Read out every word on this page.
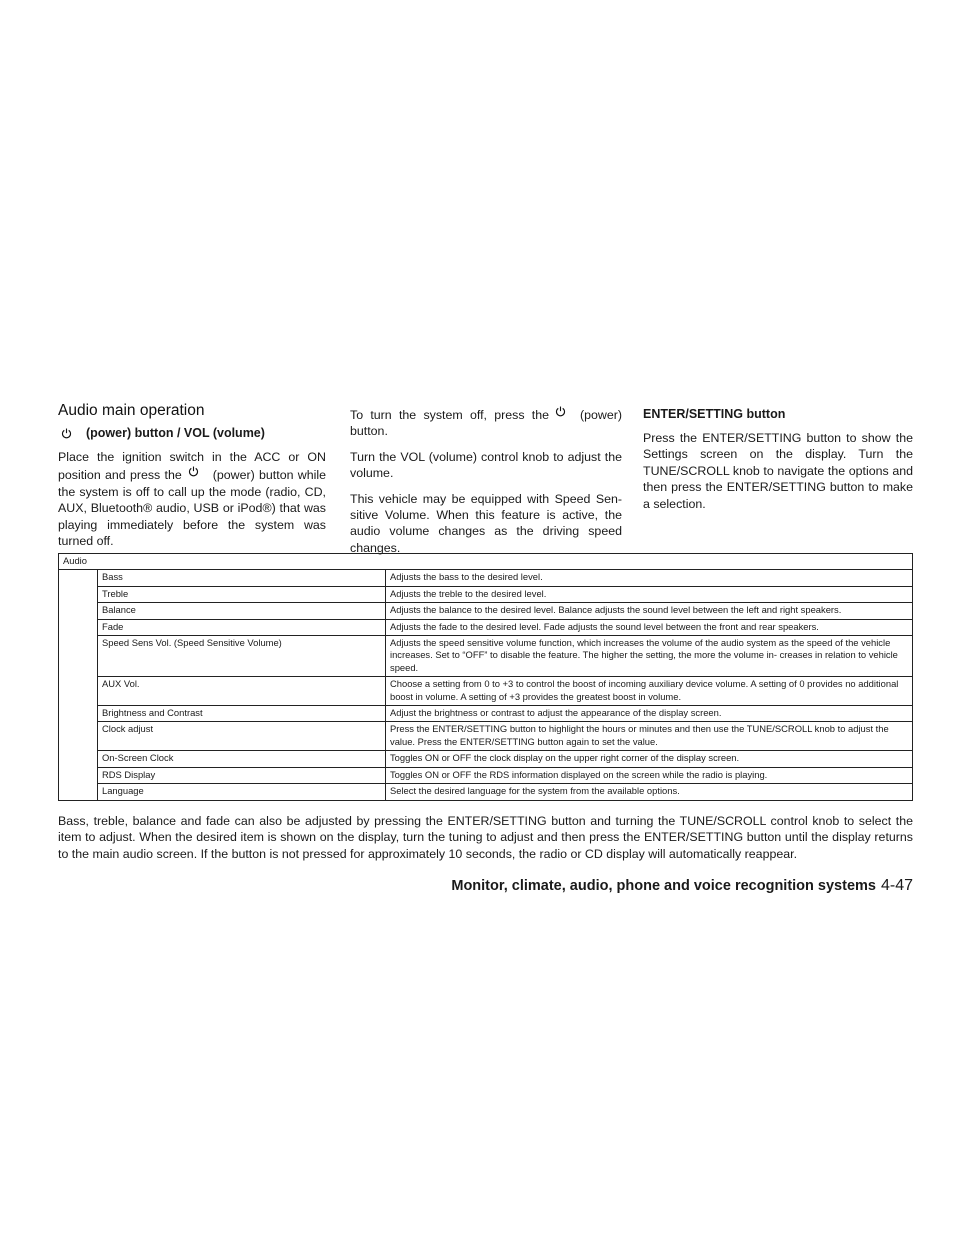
Audio main operation
(power) button / VOL (volume)

Place the ignition switch in the ACC or ON position and press the	(power) button while the system is off to call up the mode (radio, CD, AUX, Bluetooth® audio, USB or iPod®) that was playing immediately before the system was turned off.

To turn the system off, press the	(power) button.

Turn the VOL (volume) control knob to adjust the volume.

This vehicle may be equipped with Speed Sen- sitive Volume. When this feature is active, the audio volume changes as the driving speed changes.

ENTER/SETTING button

Press the ENTER/SETTING button to show the Settings screen on the display. Turn the TUNE/SCROLL knob to navigate the options and then press the ENTER/SETTING button to make a selection.

Audio		
	Bass	Adjusts the bass to the desired level.
	Treble	Adjusts the treble to the desired level.
	Balance	Adjusts the balance to the desired level. Balance adjusts the sound level between the left and right speakers.
	Fade	Adjusts the fade to the desired level. Fade adjusts the sound level between the front and rear speakers.
	Speed Sens Vol. (Speed Sensitive Volume)	Adjusts the speed sensitive volume function, which increases the volume of the audio system as the speed of the vehicle increases. Set to “OFF” to disable the feature. The higher the setting, the more the volume in- creases in relation to vehicle speed.
	AUX Vol.	Choose a setting from 0 to +3 to control the boost of incoming auxiliary device volume. A setting of 0 provides no additional boost in volume. A setting of +3 provides the greatest boost in volume.
	Brightness and Contrast	Adjust the brightness or contrast to adjust the appearance of the display screen.
	Clock adjust	Press the ENTER/SETTING button to highlight the hours or minutes and then use the TUNE/SCROLL knob to adjust the value. Press the ENTER/SETTING button again to set the value.
	On-Screen Clock	Toggles ON or OFF the clock display on the upper right corner of the display screen.
	RDS Display	Toggles ON or OFF the RDS information displayed on the screen while the radio is playing.
	Language	Select the desired language for the system from the available options.

Bass, treble, balance and fade can also be adjusted by pressing the ENTER/SETTING button and turning the TUNE/SCROLL control knob to select the item to adjust. When the desired item is shown on the display, turn the tuning to adjust and then press the ENTER/SETTING button until the display returns to the main audio screen. If the button is not pressed for approximately 10 seconds, the radio or CD display will automatically reappear.

Monitor, climate, audio, phone and voice recognition systems 4-47
